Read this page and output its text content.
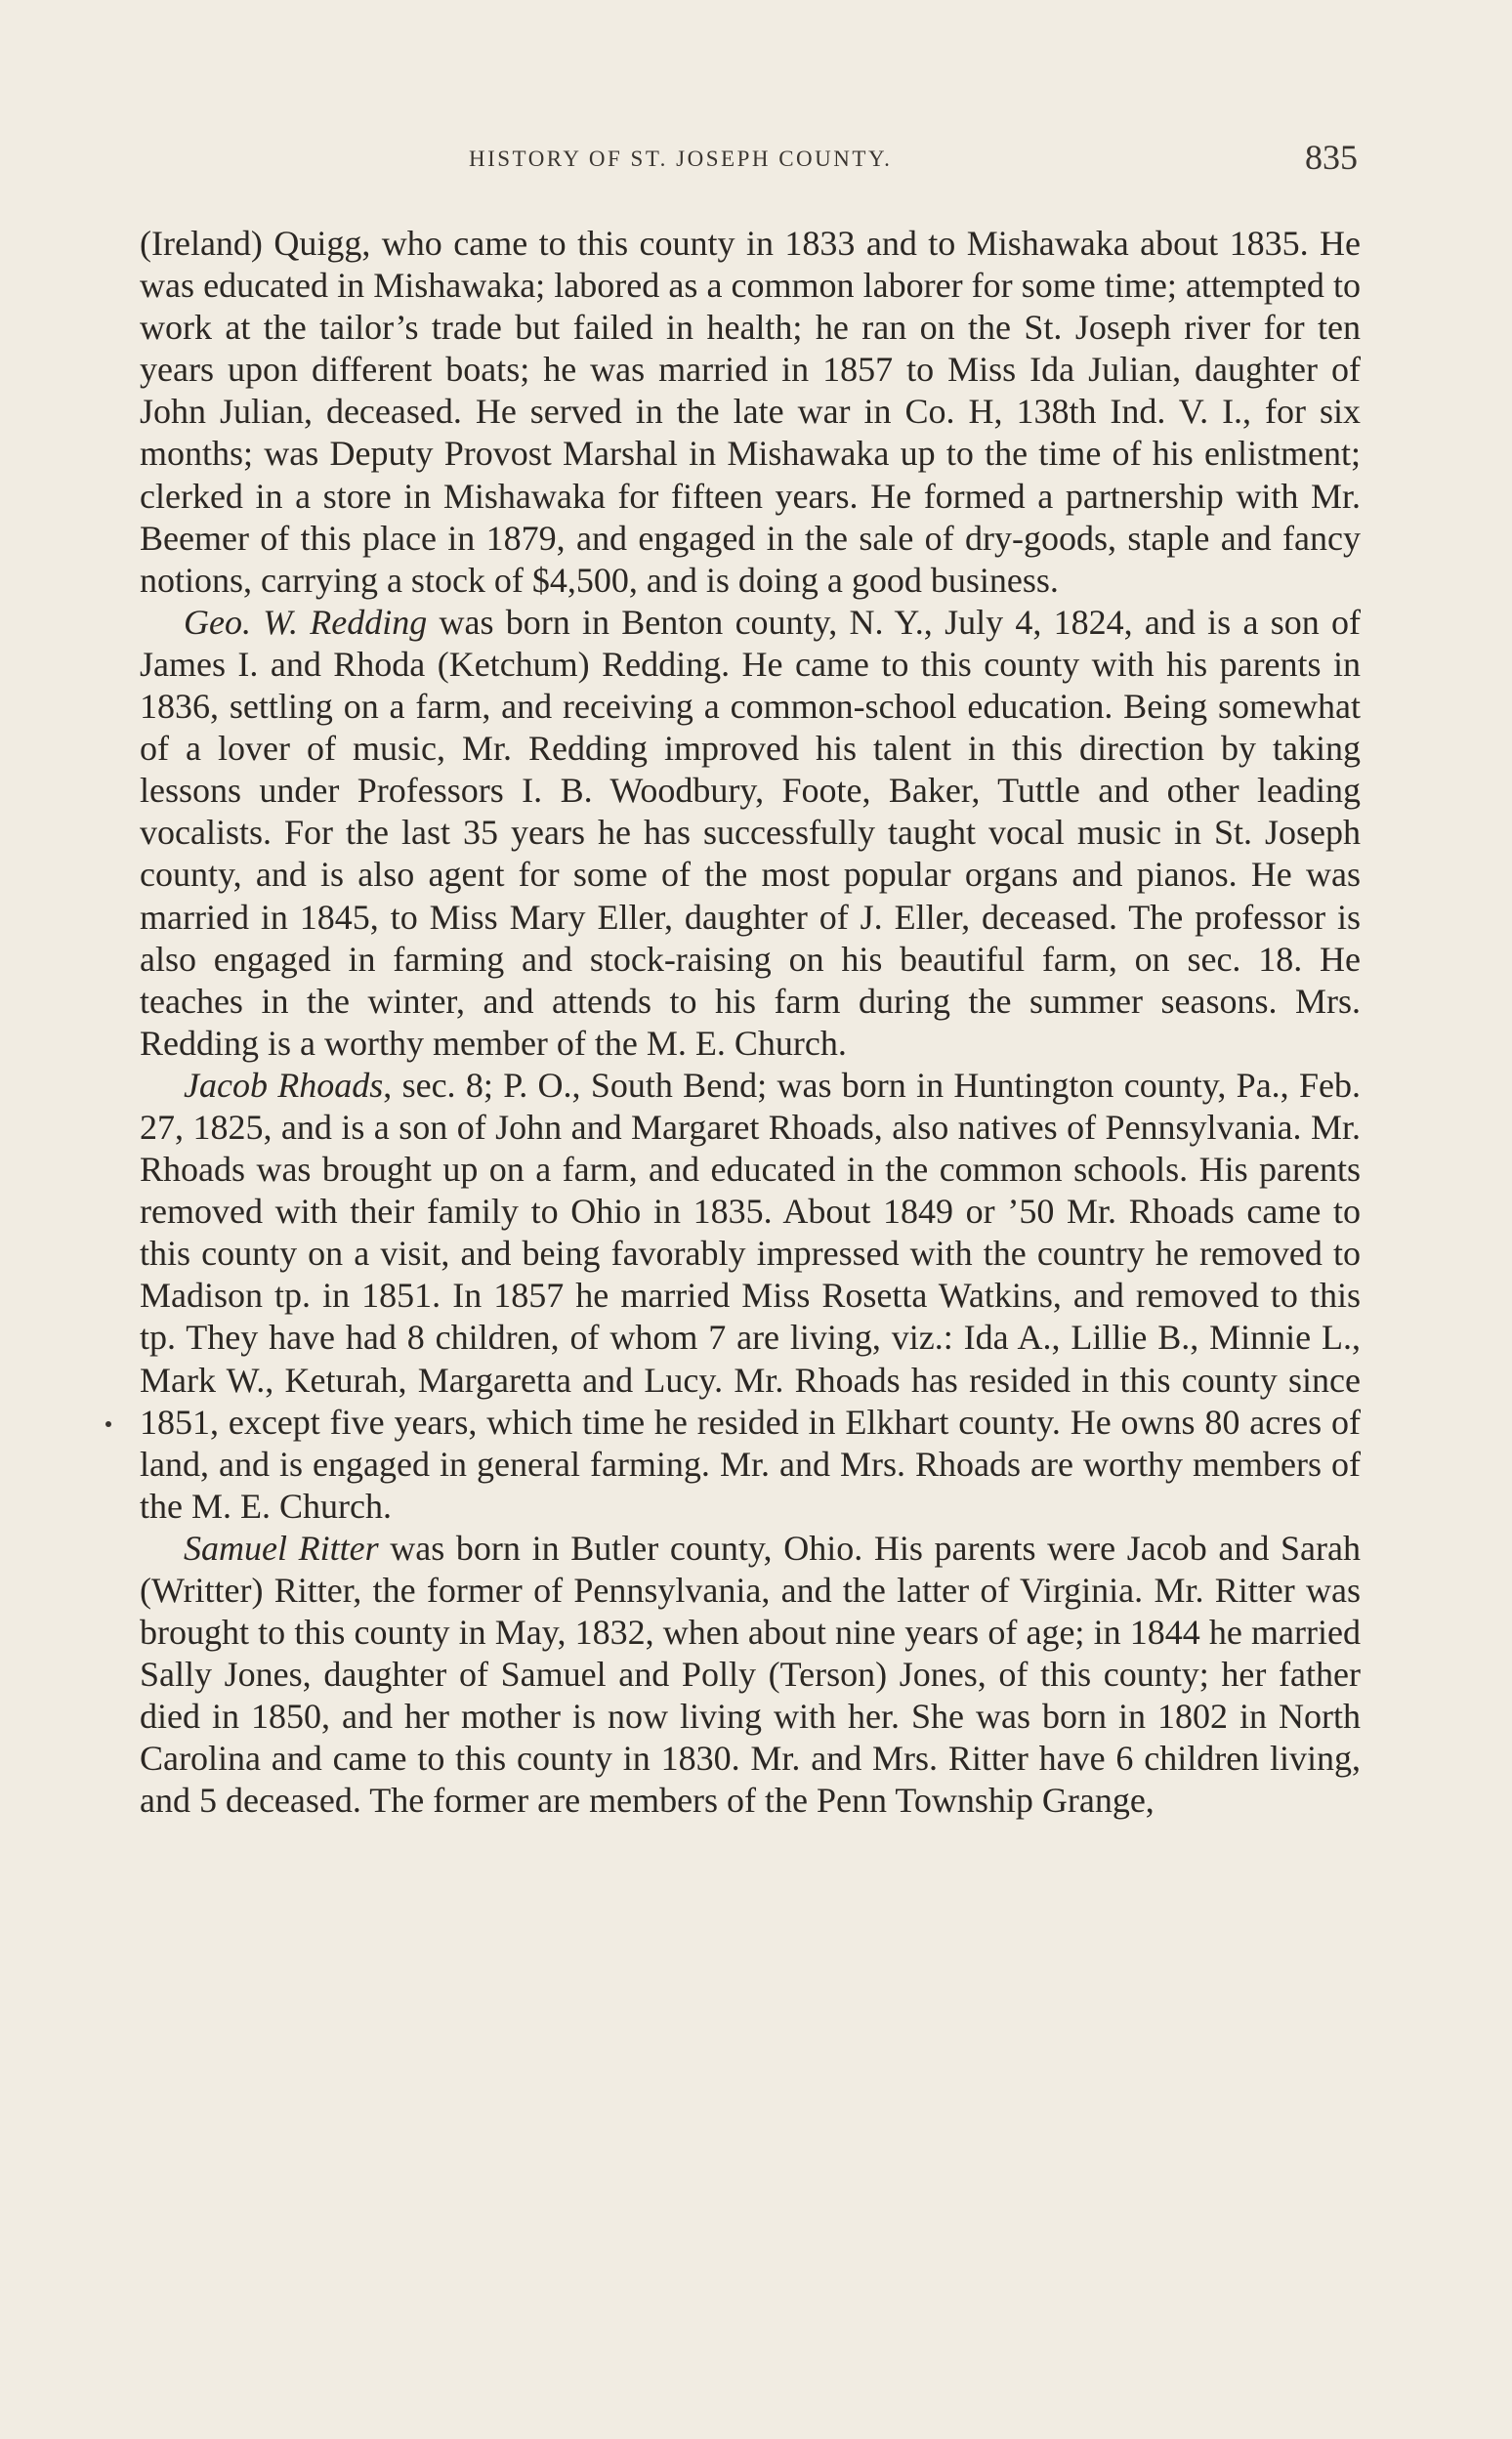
HISTORY OF ST. JOSEPH COUNTY.	835

(Ireland) Quigg, who came to this county in 1833 and to Mishawaka about 1835. He was educated in Mishawaka; labored as a common laborer for some time; attempted to work at the tailor’s trade but failed in health; he ran on the St. Joseph river for ten years upon different boats; he was married in 1857 to Miss Ida Julian, daughter of John Julian, deceased. He served in the late war in Co. H, 138th Ind. V. I., for six months; was Deputy Provost Marshal in Mishawaka up to the time of his enlistment; clerked in a store in Mishawaka for fifteen years. He formed a partnership with Mr. Beemer of this place in 1879, and engaged in the sale of dry-goods, staple and fancy notions, carrying a stock of $4,500, and is doing a good business.

Geo. W. Redding was born in Benton county, N. Y., July 4, 1824, and is a son of James I. and Rhoda (Ketchum) Redding. He came to this county with his parents in 1836, settling on a farm, and receiving a common-school education. Being somewhat of a lover of music, Mr. Redding improved his talent in this direction by taking lessons under Professors I. B. Woodbury, Foote, Baker, Tuttle and other leading vocalists. For the last 35 years he has successfully taught vocal music in St. Joseph county, and is also agent for some of the most popular organs and pianos. He was married in 1845, to Miss Mary Eller, daughter of J. Eller, deceased. The professor is also engaged in farming and stock-raising on his beautiful farm, on sec. 18. He teaches in the winter, and attends to his farm during the summer seasons. Mrs. Redding is a worthy member of the M. E. Church.

Jacob Rhoads, sec. 8; P. O., South Bend; was born in Huntington county, Pa., Feb. 27, 1825, and is a son of John and Margaret Rhoads, also natives of Pennsylvania. Mr. Rhoads was brought up on a farm, and educated in the common schools. His parents removed with their family to Ohio in 1835. About 1849 or ’50 Mr. Rhoads came to this county on a visit, and being favorably impressed with the country he removed to Madison tp. in 1851. In 1857 he married Miss Rosetta Watkins, and removed to this tp. They have had 8 children, of whom 7 are living, viz.: Ida A., Lillie B., Minnie L., Mark W., Keturah, Margaretta and Lucy. Mr. Rhoads has resided in this county since 1851, except five years, which time he resided in Elkhart county. He owns 80 acres of land, and is engaged in general farming. Mr. and Mrs. Rhoads are worthy members of the M. E. Church.

Samuel Ritter was born in Butler county, Ohio. His parents were Jacob and Sarah (Writter) Ritter, the former of Pennsylvania, and the latter of Virginia. Mr. Ritter was brought to this county in May, 1832, when about nine years of age; in 1844 he married Sally Jones, daughter of Samuel and Polly (Terson) Jones, of this county; her father died in 1850, and her mother is now living with her. She was born in 1802 in North Carolina and came to this county in 1830. Mr. and Mrs. Ritter have 6 children living, and 5 deceased. The former are members of the Penn Township Grange,
